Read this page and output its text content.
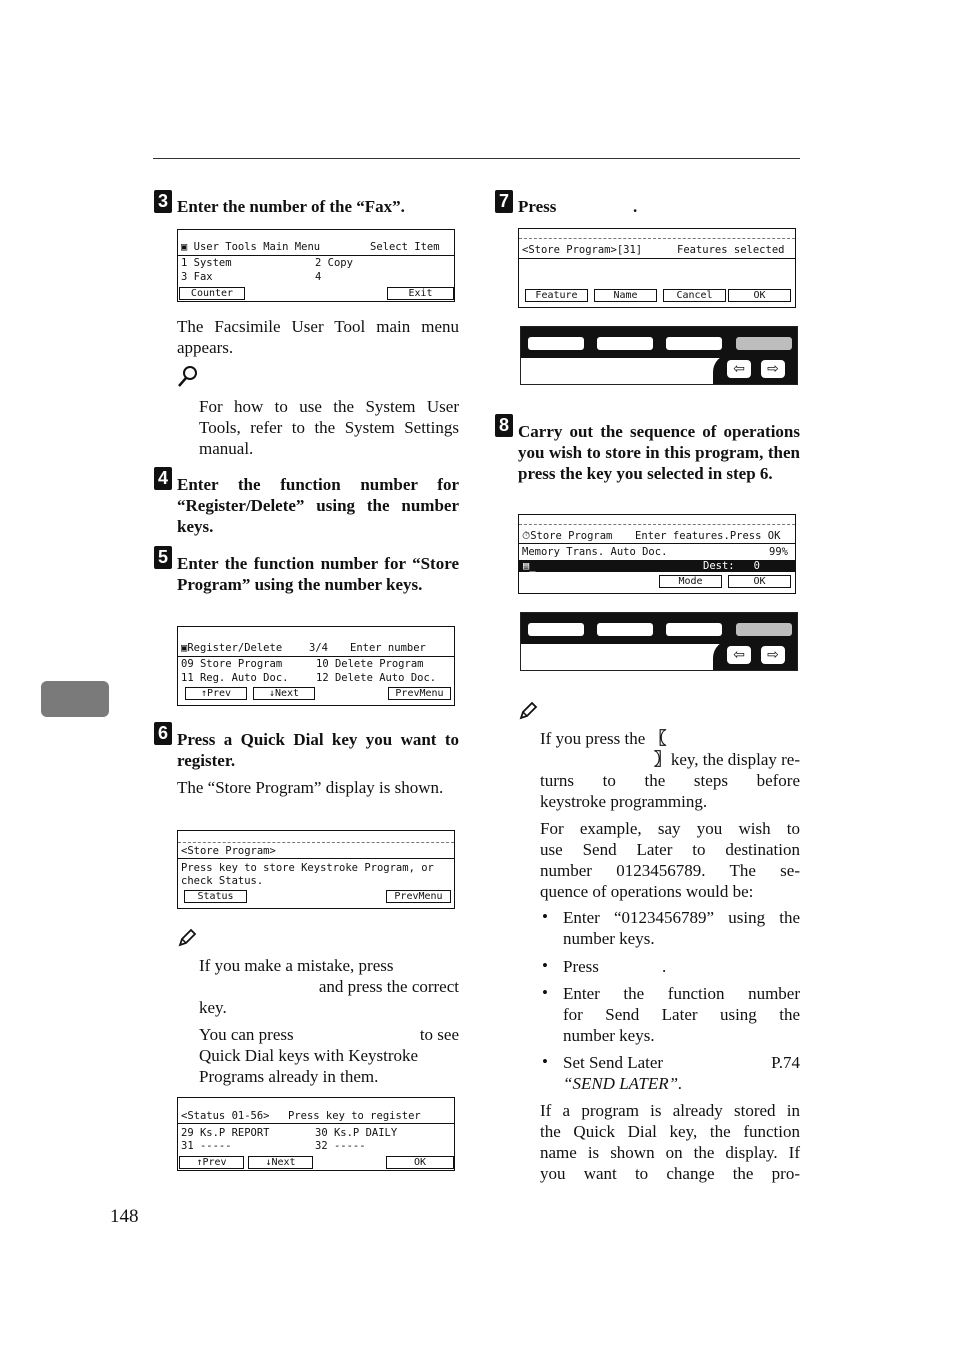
148
3 Enter the number of the “Fax”.
▣ User Tools Main Menu	Select Item
1 System	2 Copy
3 Fax	4
Counter	Exit
The Facsimile User Tool main menu appears.
For how to use the System User Tools, refer to the System Settings manual.
4 Enter the function number for “Register/Delete” using the number keys.
5 Enter the function number for “Store Program” using the number keys.
▣Register/Delete	3/4 Enter number
09 Store Program	10 Delete Program
11 Reg. Auto Doc.	12 Delete Auto Doc.
↑Prev	↓Next	PrevMenu
6 Press a Quick Dial key you want to register.
The “Store Program” display is shown.
<Store Program>
Press key to store Keystroke Program, or
check Status.
Status	PrevMenu
If you make a mistake, press
and press the correct
key.
You can press	to see
Quick Dial keys with Keystroke
Programs already in them.
<Status 01-56> Press key to register
29 Ks.P REPORT	30 Ks.P DAILY
31 -----	32 -----
↑Prev	↓Next	OK
7 Press	.
<Store Program>[31]	Features selected
Feature	Name	Cancel	OK
⇦	⇨
8 Carry out the sequence of operations you wish to store in this program, then press the key you selected in step 6.
⏱Store Program Enter features.Press OK
Memory Trans. Auto Doc.	99%
▤_	Dest:   0
Mode	OK
⇦	⇨
If you press the 〖
〗key, the display re-
turns to the steps before
keystroke programming.
For example, say you wish to
use Send Later to destination
number 0123456789. The se-
quence of operations would be:
• Enter “0123456789” using the
number keys.
• Press	.
• Enter the function number
for Send Later using the
number keys.
• Set Send Later	P.74
“SEND LATER”.
If a program is already stored in
the Quick Dial key, the function
name is shown on the display. If
you want to change the pro-
